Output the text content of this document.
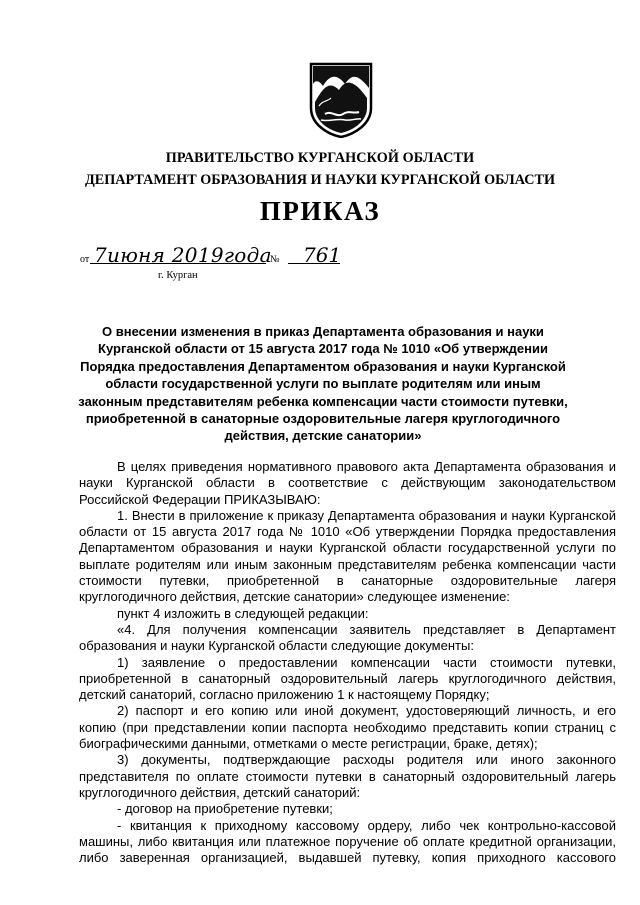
ПРАВИТЕЛЬСТВО КУРГАНСКОЙ ОБЛАСТИ
ДЕПАРТАМЕНТ ОБРАЗОВАНИЯ И НАУКИ КУРГАНСКОЙ ОБЛАСТИ
ПРИКАЗ
от 7июня 2019года
№ 761
г. Курган
О внесении изменения в приказ Департамента образования и науки Курганской области от 15 августа 2017 года № 1010 «Об утверждении Порядка предоставления Департаментом образования и науки Курганской области государственной услуги по выплате родителям или иным законным представителям ребенка компенсации части стоимости путевки, приобретенной в санаторные оздоровительные лагеря круглогодичного действия, детские санатории»

В целях приведения нормативного правового акта Департамента образования и

науки Курганской области в соответствие с действующим законодательством

Российской Федерации ПРИКАЗЫВАЮ:

1. Внести в приложение к приказу Департамента образования и науки Курганской

области от 15 августа 2017 года № 1010 «Об утверждении Порядка предоставления

Департаментом образования и науки Курганской области государственной услуги по

выплате родителям или иным законным представителям ребенка компенсации части

стоимости путевки, приобретенной в санаторные оздоровительные лагеря

круглогодичного действия, детские санатории» следующее изменение:

пункт 4 изложить в следующей редакции:

«4. Для получения компенсации заявитель представляет в Департамент

образования и науки Курганской области следующие документы:

1) заявление о предоставлении компенсации части стоимости путевки,

приобретенной в санаторный оздоровительный лагерь круглогодичного действия,

детский санаторий, согласно приложению 1 к настоящему Порядку;

2) паспорт и его копию или иной документ, удостоверяющий личность, и его

копию (при представлении копии паспорта необходимо представить копии страниц с

биографическими данными, отметками о месте регистрации, браке, детях);

3) документы, подтверждающие расходы родителя или иного законного

представителя по оплате стоимости путевки в санаторный оздоровительный лагерь

круглогодичного действия, детский санаторий:

- договор на приобретение путевки;

- квитанция к приходному кассовому ордеру, либо чек контрольно-кассовой

машины, либо квитанция или платежное поручение об оплате кредитной организации,

либо заверенная организацией, выдавшей путевку, копия приходного кассового
